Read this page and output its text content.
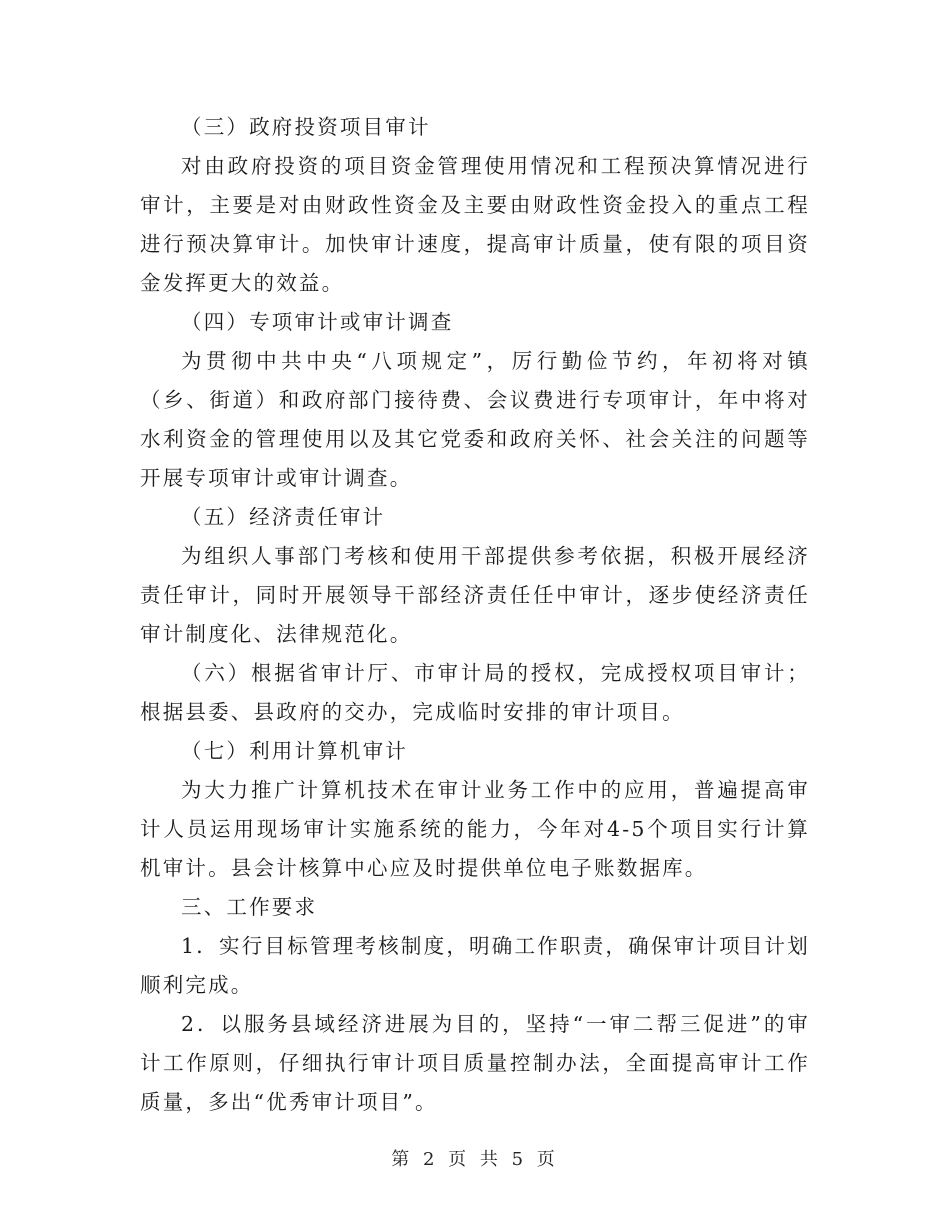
（三）政府投资项目审计

对由政府投资的项目资金管理使用情况和工程预决算情况进行审计，主要是对由财政性资金及主要由财政性资金投入的重点工程进行预决算审计。加快审计速度，提高审计质量，使有限的项目资金发挥更大的效益。

（四）专项审计或审计调查

为贯彻中共中央“八项规定”，厉行勤俭节约，年初将对镇（乡、街道）和政府部门接待费、会议费进行专项审计，年中将对水利资金的管理使用以及其它党委和政府关怀、社会关注的问题等开展专项审计或审计调查。

（五）经济责任审计

为组织人事部门考核和使用干部提供参考依据，积极开展经济责任审计，同时开展领导干部经济责任任中审计，逐步使经济责任审计制度化、法律规范化。

（六）根据省审计厅、市审计局的授权，完成授权项目审计；根据县委、县政府的交办，完成临时安排的审计项目。

（七）利用计算机审计

为大力推广计算机技术在审计业务工作中的应用，普遍提高审计人员运用现场审计实施系统的能力，今年对4-5个项目实行计算机审计。县会计核算中心应及时提供单位电子账数据库。

三、工作要求

1．实行目标管理考核制度，明确工作职责，确保审计项目计划顺利完成。

2．以服务县域经济进展为目的，坚持“一审二帮三促进”的审计工作原则，仔细执行审计项目质量控制办法，全面提高审计工作质量，多出“优秀审计项目”。

第 2 页 共 5 页
